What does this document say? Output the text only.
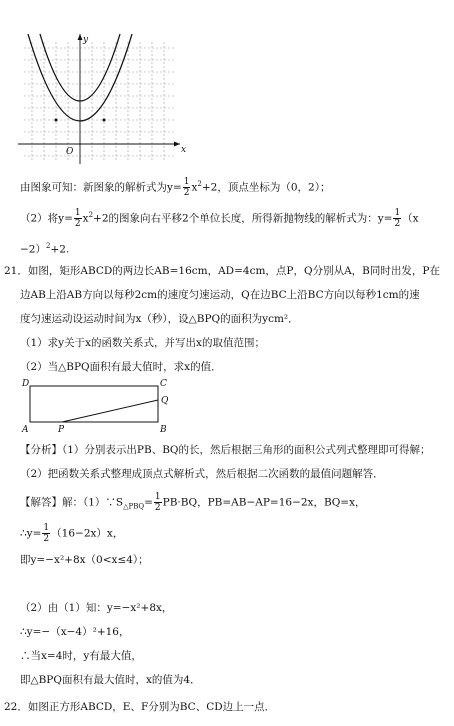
y
x
O
由图象可知：新图象的解析式为$y= \frac{1}{2} x^2+2$，顶点坐标为（0，2）；
（2）将$y= \frac{1}{2} x^2+2$的图象向右平移2个单位长度，所得新抛物线的解析式为：$y= \frac{1}{2} (x$
−2）$^2$+2.
21．如图，矩形ABCD的两边长AB=16cm，AD=4cm，点P，Q分别从A，B同时出发，P在
边AB上沿AB方向以每秒2cm的速度匀速运动，Q在边BC上沿BC方向以每秒1cm的速
度匀速运动设运动时间为x（秒），设△BPQ的面积为ycm²．
（1）求y关于x的函数关系式，并写出x的取值范围；
（2）当△BPQ面积有最大值时，求x的值．
D	C
Q
A	P	B
【分析】（1）分别表示出PB、BQ的长，然后根据三角形的面积公式列式整理即可得解；
（2）把函数关系式整理成顶点式解析式，然后根据二次函数的最值问题解答．
【解答】解：$(1)\because S_{\triangle PBQ}= \frac{1}{2} PB\cdot BQ$，PB=AB−AP=16−2x，BQ=x，
∴y= $\frac{1}{2} (16-2x)x$，
即y=−x²+8x（0<x≤4）；
（2）由（1）知：y=−x²+8x，
∴y=−（x−4）²+16，
∴当x=4时，y有最大值，
即△BPQ面积有最大值时，x的值为4．
22．如图正方形ABCD，E、F分别为BC、CD边上一点．
